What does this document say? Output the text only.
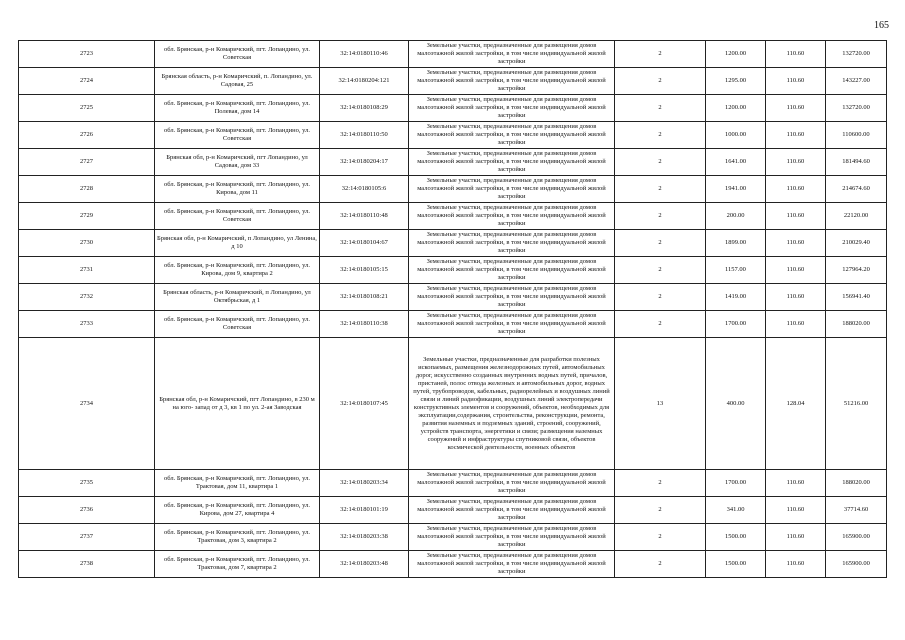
165
2723	обл. Брянская, р-н Комаричский, пгт. Лопандино, ул. Советская	32:14:0180110:46	Земельные участки, предназначенные для размещения домов малоэтажной жилой застройки, в том числе индивидуальной жилой застройки	2	1200.00	110.60	132720.00
2724	Брянская область, р-н Комаричский, п. Лопандино, ул. Садовая, 25	32:14:0180204:121	Земельные участки, предназначенные для размещения домов малоэтажной жилой застройки, в том числе индивидуальной жилой застройки	2	1295.00	110.60	143227.00
2725	обл. Брянская, р-н Комаричский, пгт. Лопандино, ул. Полевая, дом 14	32:14:0180108:29	Земельные участки, предназначенные для размещения домов малоэтажной жилой застройки, в том числе индивидуальной жилой застройки	2	1200.00	110.60	132720.00
2726	обл. Брянская, р-н Комаричский, пгт. Лопандино, ул. Советская	32:14:0180110:50	Земельные участки, предназначенные для размещения домов малоэтажной жилой застройки, в том числе индивидуальной жилой застройки	2	1000.00	110.60	110600.00
2727	Брянская обл, р-н Комаричский, пгт Лопандино, ул Садовая, дом 33	32:14:0180204:17	Земельные участки, предназначенные для размещения домов малоэтажной жилой застройки, в том числе индивидуальной жилой застройки	2	1641.00	110.60	181494.60
2728	обл. Брянская, р-н Комаричский, пгт. Лопандино, ул. Кирова, дом 11	32:14:0180105:6	Земельные участки, предназначенные для размещения домов малоэтажной жилой застройки, в том числе индивидуальной жилой застройки	2	1941.00	110.60	214674.60
2729	обл. Брянская, р-н Комаричский, пгт. Лопандино, ул. Советская	32:14:0180110:48	Земельные участки, предназначенные для размещения домов малоэтажной жилой застройки, в том числе индивидуальной жилой застройки	2	200.00	110.60	22120.00
2730	Брянская обл, р-н Комаричский, п Лопандино, ул Ленина, д 10	32:14:0180104:67	Земельные участки, предназначенные для размещения домов малоэтажной жилой застройки, в том числе индивидуальной жилой застройки	2	1899.00	110.60	210029.40
2731	обл. Брянская, р-н Комаричский, пгт. Лопандино, ул. Кирова, дом 9, квартира 2	32:14:0180105:15	Земельные участки, предназначенные для размещения домов малоэтажной жилой застройки, в том числе индивидуальной жилой застройки	2	1157.00	110.60	127964.20
2732	Брянская область, р-н Комаричский, п Лопандино, ул Октябрьская, д 1	32:14:0180108:21	Земельные участки, предназначенные для размещения домов малоэтажной жилой застройки, в том числе индивидуальной жилой застройки	2	1419.00	110.60	156941.40
2733	обл. Брянская, р-н Комаричский, пгт. Лопандино, ул. Советская	32:14:0180110:38	Земельные участки, предназначенные для размещения домов малоэтажной жилой застройки, в том числе индивидуальной жилой застройки	2	1700.00	110.60	188020.00
2734	Брянская обл, р-н Комаричский, пгт Лопандино, в 230 м на юго- запад от д 3, кв 1 по ул. 2-ая Заводская	32:14:0180107:45	Земельные участки, предназначенные для разработки полезных ископаемых, размещения железнодорожных путей, автомобильных дорог, искусственно созданных внутренних водных путей, причалов, пристаней, полос отвода железных и автомобильных дорог, водных путей, трубопроводов, кабельных, радиорелейных и воздушных линий связи и линий радиофикации, воздушных линий электропередачи конструктивных элементов и сооружений, объектов, необходимых для эксплуатации,содержания, строительства, реконструкции, ремонта, развития наземных и подземных зданий, строений, сооружений, устройств транспорта, энергетики и связи; размещения наземных сооружений и инфраструктуры спутниковой связи, объектов космической деятельности, военных объектов	13	400.00	128.04	51216.00
2735	обл. Брянская, р-н Комаричский, пгт. Лопандино, ул. Трактовая, дом 11, квартира 1	32:14:0180203:34	Земельные участки, предназначенные для размещения домов малоэтажной жилой застройки, в том числе индивидуальной жилой застройки	2	1700.00	110.60	188020.00
2736	обл. Брянская, р-н Комаричский, пгт. Лопандино, ул. Кирова, дом 27, квартира 4	32:14:0180101:19	Земельные участки, предназначенные для размещения домов малоэтажной жилой застройки, в том числе индивидуальной жилой застройки	2	341.00	110.60	37714.60
2737	обл. Брянская, р-н Комаричский, пгт. Лопандино, ул. Трактовая, дом 3, квартира 2	32:14:0180203:38	Земельные участки, предназначенные для размещения домов малоэтажной жилой застройки, в том числе индивидуальной жилой застройки	2	1500.00	110.60	165900.00
2738	обл. Брянская, р-н Комаричский, пгт. Лопандино, ул. Трактовая, дом 7, квартира 2	32:14:0180203:48	Земельные участки, предназначенные для размещения домов малоэтажной жилой застройки, в том числе индивидуальной жилой застройки	2	1500.00	110.60	165900.00
